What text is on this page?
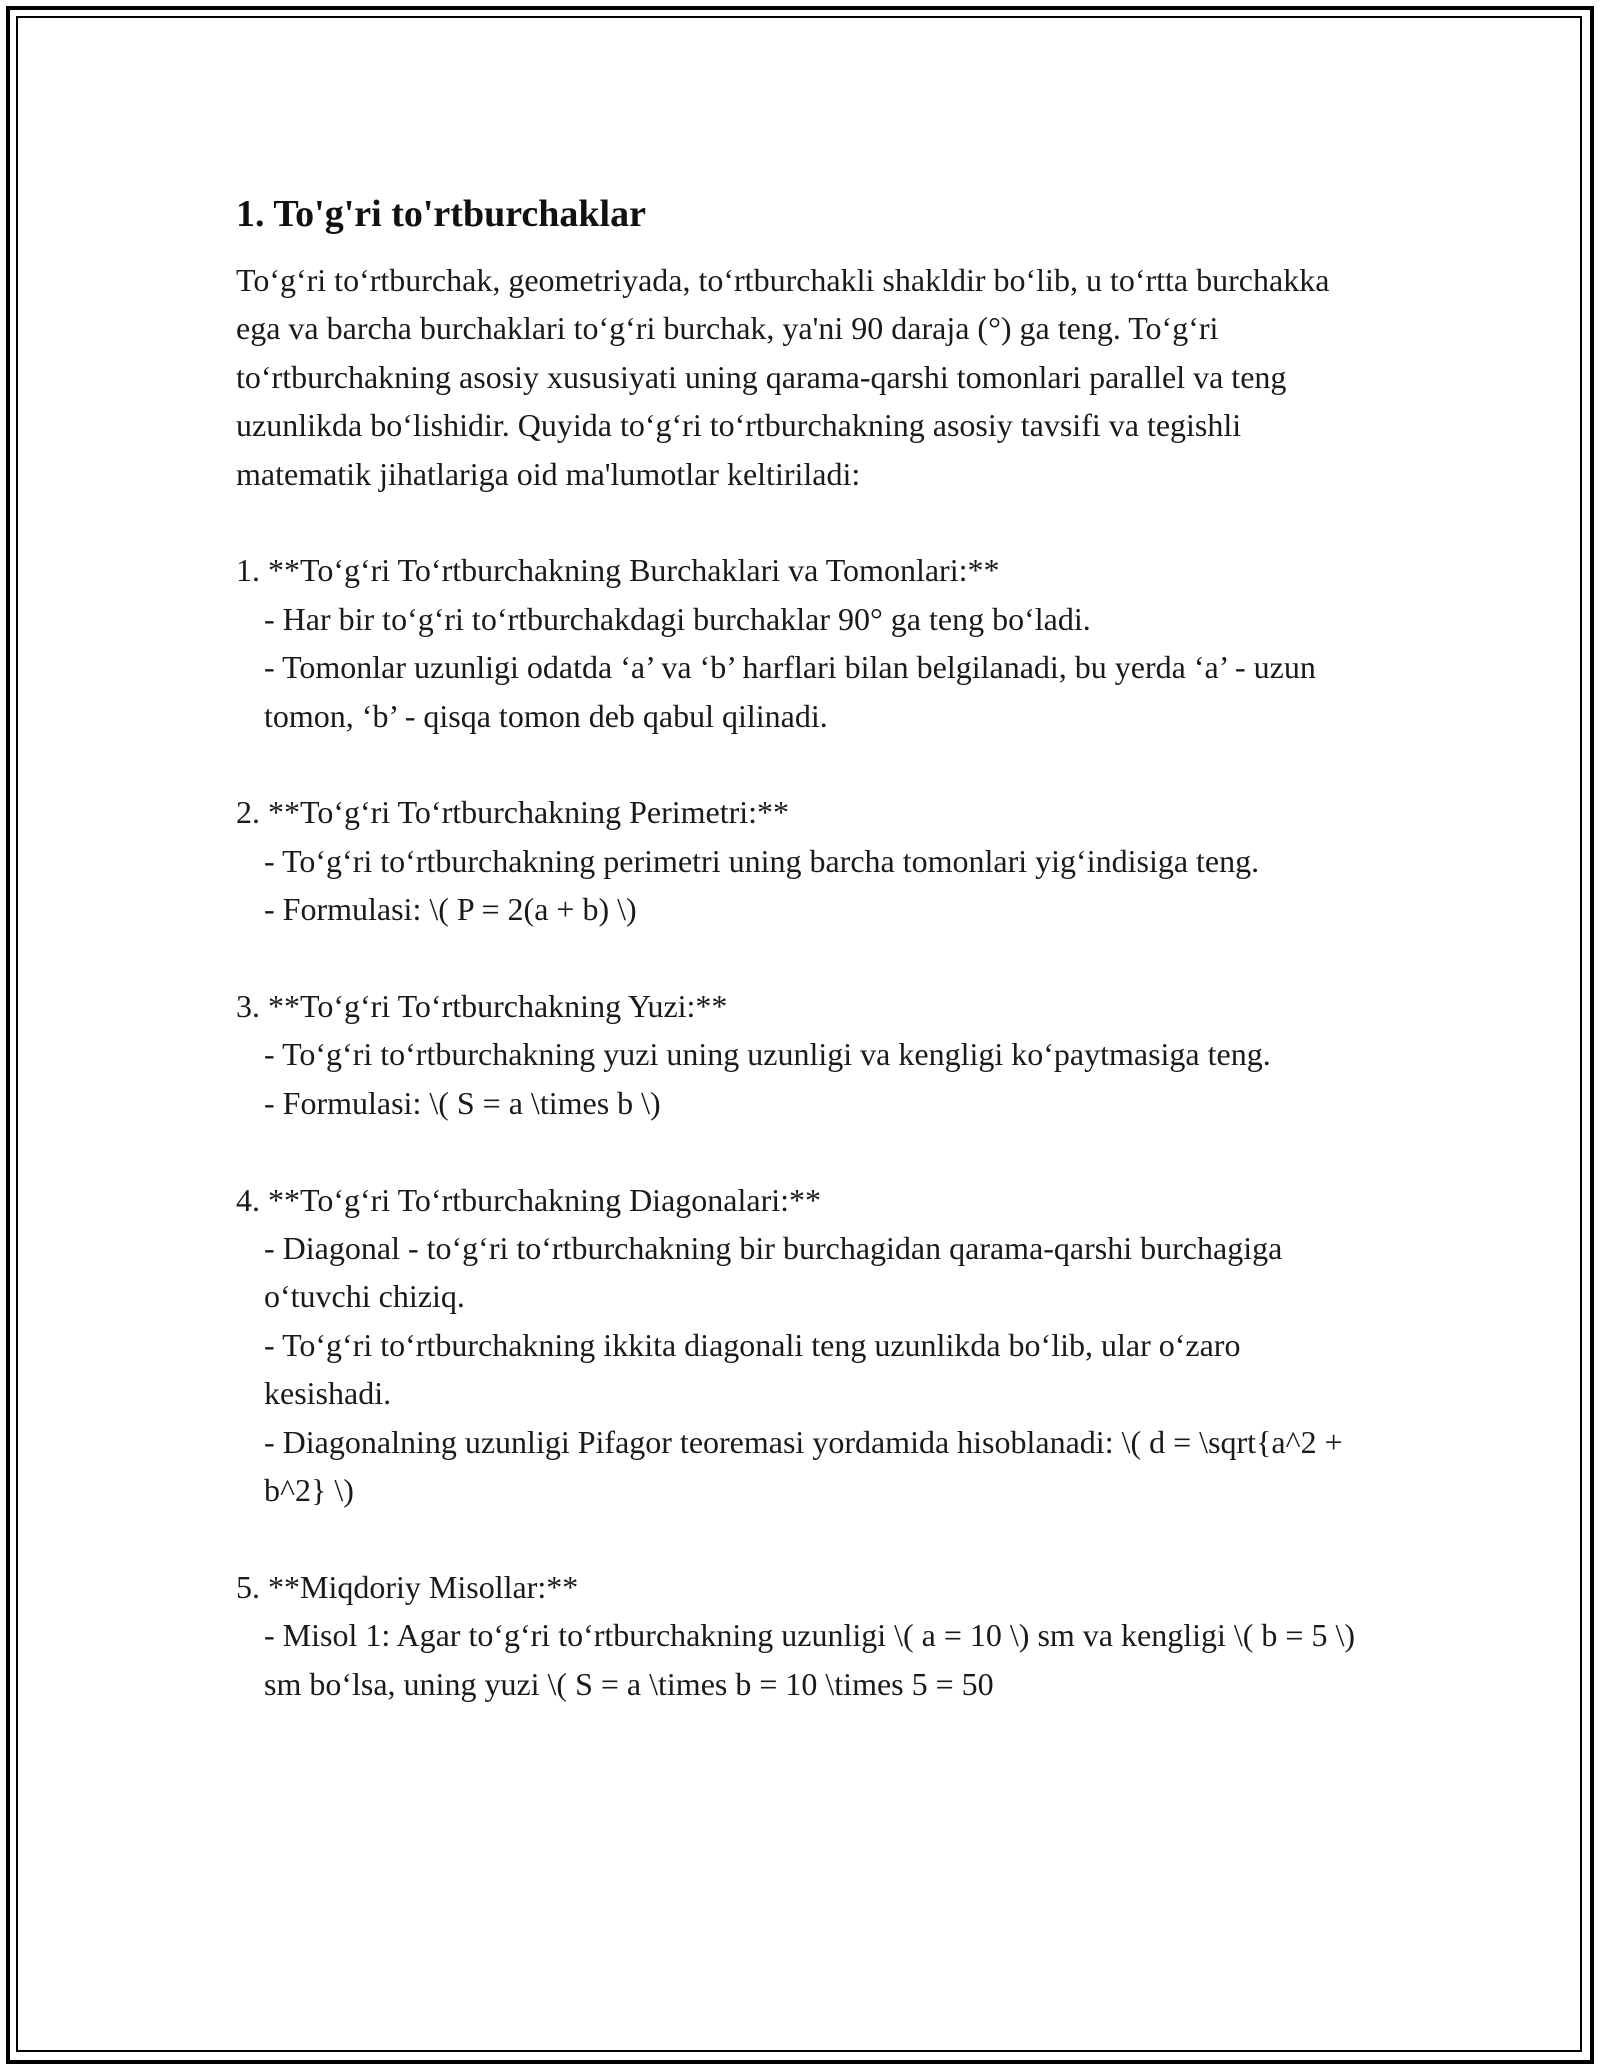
1. To'g'ri to'rtburchaklar

To‘g‘ri to‘rtburchak, geometriyada, to‘rtburchakli shakldir bo‘lib, u to‘rtta burchakka ega va barcha burchaklari to‘g‘ri burchak, ya'ni 90 daraja (°) ga teng. To‘g‘ri to‘rtburchakning asosiy xususiyati uning qarama-qarshi tomonlari parallel va teng uzunlikda bo‘lishidir. Quyida to‘g‘ri to‘rtburchakning asosiy tavsifi va tegishli matematik jihatlariga oid ma'lumotlar keltiriladi:

1. **To‘g‘ri To‘rtburchakning Burchaklari va Tomonlari:**

- Har bir to‘g‘ri to‘rtburchakdagi burchaklar 90° ga teng bo‘ladi.

- Tomonlar uzunligi odatda ‘a’ va ‘b’ harflari bilan belgilanadi, bu yerda ‘a’ - uzun tomon, ‘b’ - qisqa tomon deb qabul qilinadi.

2. **To‘g‘ri To‘rtburchakning Perimetri:**

- To‘g‘ri to‘rtburchakning perimetri uning barcha tomonlari yig‘indisiga teng.

- Formulasi: \( P = 2(a + b) \)

3. **To‘g‘ri To‘rtburchakning Yuzi:**

- To‘g‘ri to‘rtburchakning yuzi uning uzunligi va kengligi ko‘paytmasiga teng.

- Formulasi: \( S = a \times b \)

4. **To‘g‘ri To‘rtburchakning Diagonalari:**

- Diagonal - to‘g‘ri to‘rtburchakning bir burchagidan qarama-qarshi burchagiga o‘tuvchi chiziq.

- To‘g‘ri to‘rtburchakning ikkita diagonali teng uzunlikda bo‘lib, ular o‘zaro kesishadi.

- Diagonalning uzunligi Pifagor teoremasi yordamida hisoblanadi: \( d = \sqrt{a^2 + b^2} \)

5. **Miqdoriy Misollar:**

- Misol 1: Agar to‘g‘ri to‘rtburchakning uzunligi \( a = 10 \) sm va kengligi \( b = 5 \) sm bo‘lsa, uning yuzi \( S = a \times b = 10 \times 5 = 50
